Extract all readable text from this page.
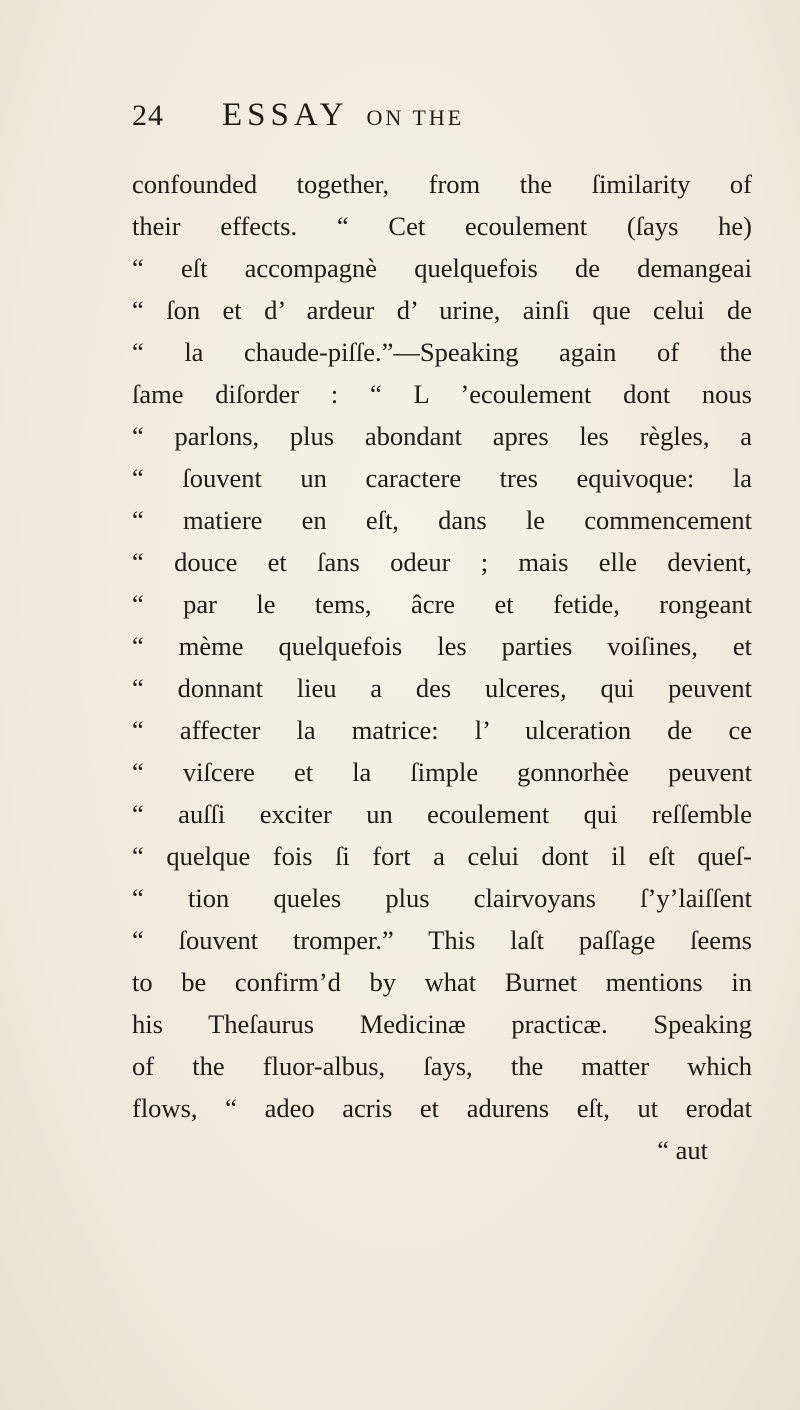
24	ESSAY ON THE
confounded together, from the ſimilarity of
their effects. “ Cet ecoulement (ſays he)
“ eſt accompagnè quelquefois de demangeai
“ ſon et d’ ardeur d’ urine, ainſi que celui de
“ la chaude-piſſe.”—Speaking again of the
ſame diſorder : “ L ’ecoulement dont nous
“ parlons, plus abondant apres les règles, a
“ ſouvent un caractere tres equivoque: la
“ matiere en eſt, dans le commencement
“ douce et ſans odeur ; mais elle devient,
“ par le tems, âcre et fetide, rongeant
“ mème quelquefois les parties voiſines, et
“ donnant lieu a des ulceres, qui peuvent
“ affecter la matrice: l’ ulceration de ce
“ viſcere et la ſimple gonnorhèe peuvent
“ auſſi exciter un ecoulement qui reſſemble
“ quelque fois ſi fort a celui dont il eſt queſ-
“ tion queles plus clairvoyans ſ’y’laiſſent
“ ſouvent tromper.” This laſt paſſage ſeems
to be confirm’d by what Burnet mentions in
his Theſaurus Medicinæ practicæ. Speaking
of the fluor-albus, ſays, the matter which
flows, “ adeo acris et adurens eſt, ut erodat
“ aut
